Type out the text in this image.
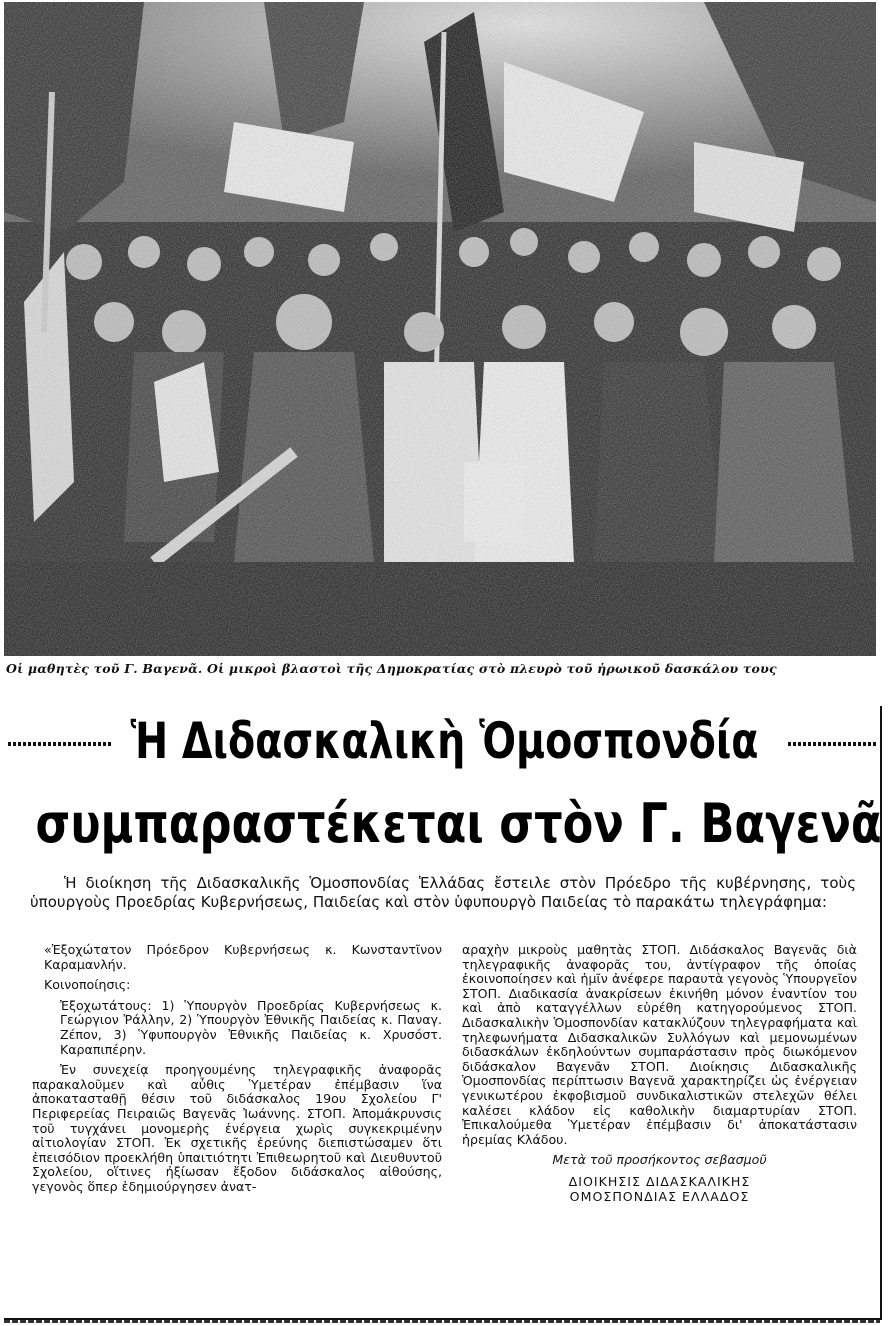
Οἱ μαθητὲς τοῦ Γ. Βαγενᾶ. Οἱ μικροὶ βλαστοὶ τῆς Δημοκρατίας στὸ πλευρὸ τοῦ ἡρωικοῦ δασκάλου τους
Ἡ Διδασκαλικὴ Ὁμοσπονδία
συμπαραστέκεται στὸν Γ. Βαγενᾶ
Ἡ διοίκηση τῆς Διδασκαλικῆς Ὁμοσπονδίας Ἑλλάδας ἔστειλε στὸν Πρόεδρο τῆς κυβέρνησης, τοὺς ὑπουργοὺς Προεδρίας Κυβερνήσεως, Παιδείας καὶ στὸν ὑφυπουργὸ Παιδείας τὸ παρακάτω τηλεγράφημα:

«Ἐξοχώτατον Πρόεδρον Κυβερνήσεως κ. Κωνσταντῖνον Καραμανλήν.

Κοινοποίησις:

Ἐξοχωτάτους: 1) Ὑπουργὸν Προεδρίας Κυβερνήσεως κ. Γεώργιον Ῥάλλην, 2) Ὑπουργὸν Ἐθνικῆς Παιδείας κ. Παναγ. Ζέπον, 3) Ὑφυπουργὸν Ἐθνικῆς Παιδείας κ. Χρυσόστ. Καραπιπέρην.

Ἐν συνεχείᾳ προηγουμένης τηλεγραφικῆς ἀναφορᾶς παρακαλοῦμεν καὶ αὖθις Ὑμετέραν ἐπέμβασιν ἵνα ἀποκατασταθῇ θέσιν τοῦ διδάσκαλος 19ου Σχολείου Γ' Περιφερείας Πειραιῶς Βαγενᾶς Ἰωάννης. ΣΤΟΠ. Ἀπομάκρυνσις τοῦ τυγχάνει μονομερὴς ἐνέργεια χωρὶς συγκεκριμένην αἰτιολογίαν ΣΤΟΠ. Ἐκ σχετικῆς ἐρεύνης διεπιστώσαμεν ὅτι ἐπεισόδιον προεκλήθη ὑπαιτιότητι Ἐπιθεωρητοῦ καὶ Διευθυντοῦ Σχολείου, οἵτινες ἠξίωσαν ἔξοδον διδάσκαλος αἰθούσης, γεγονὸς ὅπερ ἐδημιούργησεν ἀνατ-

αραχὴν μικροὺς μαθητὰς ΣΤΟΠ. Διδάσκαλος Βαγενᾶς διὰ τηλεγραφικῆς ἀναφορᾶς του, ἀντίγραφον τῆς ὁποίας ἐκοινοποίησεν καὶ ἡμῖν ἀνέφερε παραυτὰ γεγονὸς Ὑπουργεῖον ΣΤΟΠ. Διαδικασία ἀνακρίσεων ἐκινήθη μόνον ἐναντίον του καὶ ἀπὸ καταγγέλλων εὑρέθη κατηγορούμενος ΣΤΟΠ. Διδασκαλικὴν Ὁμοσπονδίαν κατακλύζουν τηλεγραφήματα καὶ τηλεφωνήματα Διδασκαλικῶν Συλλόγων καὶ μεμονωμένων διδασκάλων ἐκδηλούντων συμπαράστασιν πρὸς διωκόμενον διδάσκαλον Βαγενᾶν ΣΤΟΠ. Διοίκησις Διδασκαλικῆς Ὁμοσπονδίας περίπτωσιν Βαγενᾶ χαρακτηρίζει ὡς ἐνέργειαν γενικωτέρου ἐκφοβισμοῦ συνδικαλιστικῶν στελεχῶν θέλει καλέσει κλάδον εἰς καθολικὴν διαμαρτυρίαν ΣΤΟΠ. Ἐπικαλούμεθα Ὑμετέραν ἐπέμβασιν δι' ἀποκατάστασιν ἠρεμίας Κλάδου.

Μετὰ τοῦ προσήκοντος σεβασμοῦ

ΔΙΟΙΚΗΣΙΣ ΔΙΔΑΣΚΑΛΙΚΗΣ
ΟΜΟΣΠΟΝΔΙΑΣ ΕΛΛΑΔΟΣ
